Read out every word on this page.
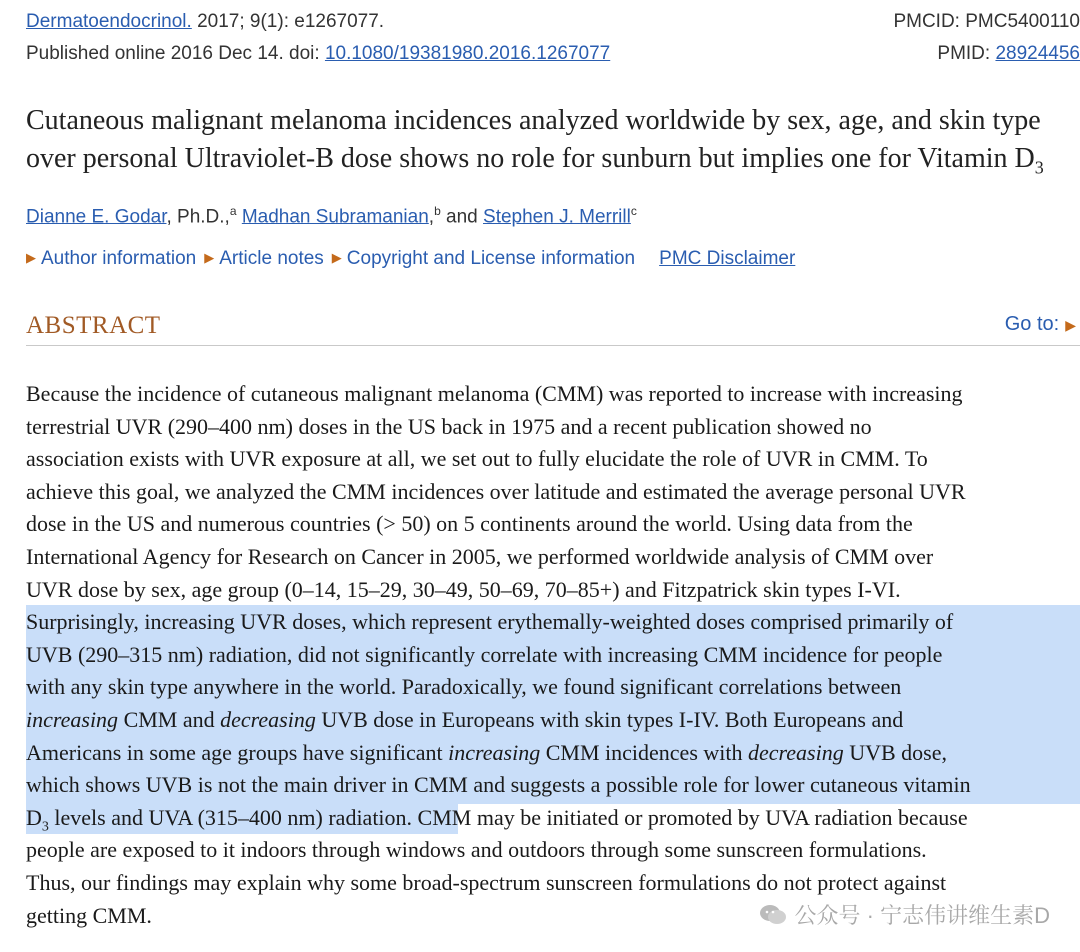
Dermatoendocrinol. 2017; 9(1): e1267077.	PMCID: PMC5400110
Published online 2016 Dec 14. doi: 10.1080/19381980.2016.1267077	PMID: 28924456
Cutaneous malignant melanoma incidences analyzed worldwide by sex, age, and skin type over personal Ultraviolet-B dose shows no role for sunburn but implies one for Vitamin $D_3$
Dianne E. Godar, Ph.D.,$^a$ Madhan Subramanian,$^b$ and Stephen J. Merrill$^c$
▶ Author information ▶ Article notes ▶ Copyright and License information PMC Disclaimer
ABSTRACT	Go to: ▶

Because the incidence of cutaneous malignant melanoma (CMM) was reported to increase with increasing
terrestrial UVR (290–400 nm) doses in the US back in 1975 and a recent publication showed no
association exists with UVR exposure at all, we set out to fully elucidate the role of UVR in CMM. To
achieve this goal, we analyzed the CMM incidences over latitude and estimated the average personal UVR
dose in the US and numerous countries (> 50) on 5 continents around the world. Using data from the
International Agency for Research on Cancer in 2005, we performed worldwide analysis of CMM over
UVR dose by sex, age group (0–14, 15–29, 30–49, 50–69, 70–85+) and Fitzpatrick skin types I-VI.
Surprisingly, increasing UVR doses, which represent erythemally-weighted doses comprised primarily of
UVB (290–315 nm) radiation, did not significantly correlate with increasing CMM incidence for people
with any skin type anywhere in the world. Paradoxically, we found significant correlations between
increasing CMM and decreasing UVB dose in Europeans with skin types I-IV. Both Europeans and
Americans in some age groups have significant increasing CMM incidences with decreasing UVB dose,
which shows UVB is not the main driver in CMM and suggests a possible role for lower cutaneous vitamin
$D_3$ levels and UVA (315–400 nm) radiation. CMM may be initiated or promoted by UVA radiation because
people are exposed to it indoors through windows and outdoors through some sunscreen formulations.
Thus, our findings may explain why some broad-spectrum sunscreen formulations do not protect against
getting CMM.	公众号 · 宁志伟讲维生素D
